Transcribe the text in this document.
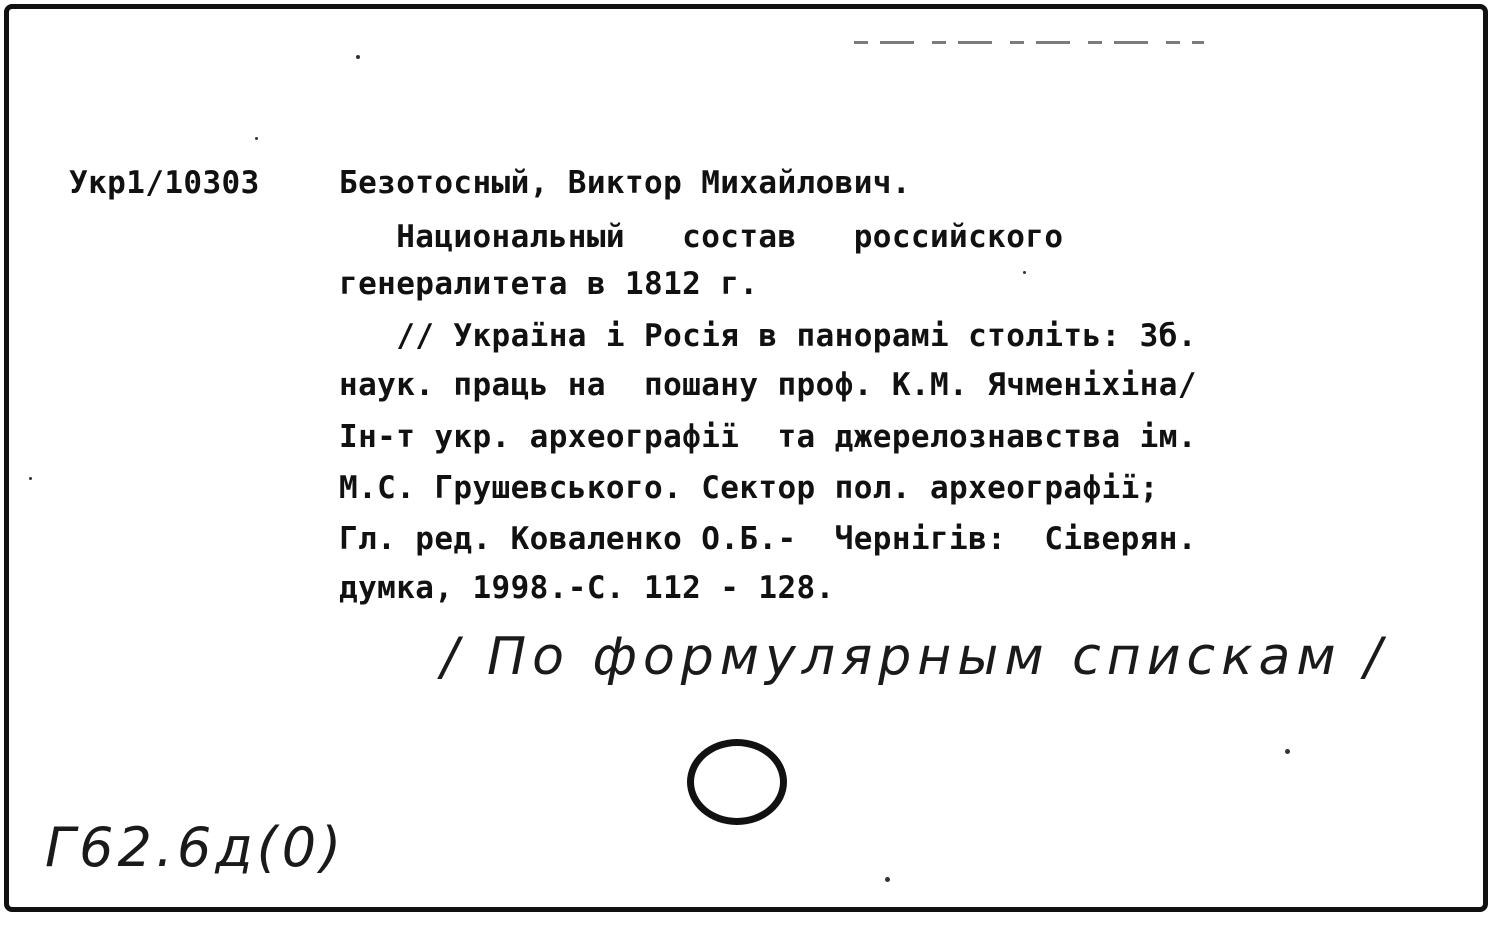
Укр1/10303	Безотосный, Виктор Михайлович.
Национальный   состав   российского
генералитета в 1812 г.
// Україна і Росія в панорамі століть: Зб.
наук. праць на  пошану проф. К.М. Ячменіхіна/
Ін-т укр. археографії  та джерелознавства ім.
М.С. Грушевського. Сектор пол. археографії;
Гл. ред. Коваленко О.Б.-  Чернігів:  Сіверян.
думка, 1998.-С. 112 - 128.
/ По формулярным спискам /
Г62.6д(0)
